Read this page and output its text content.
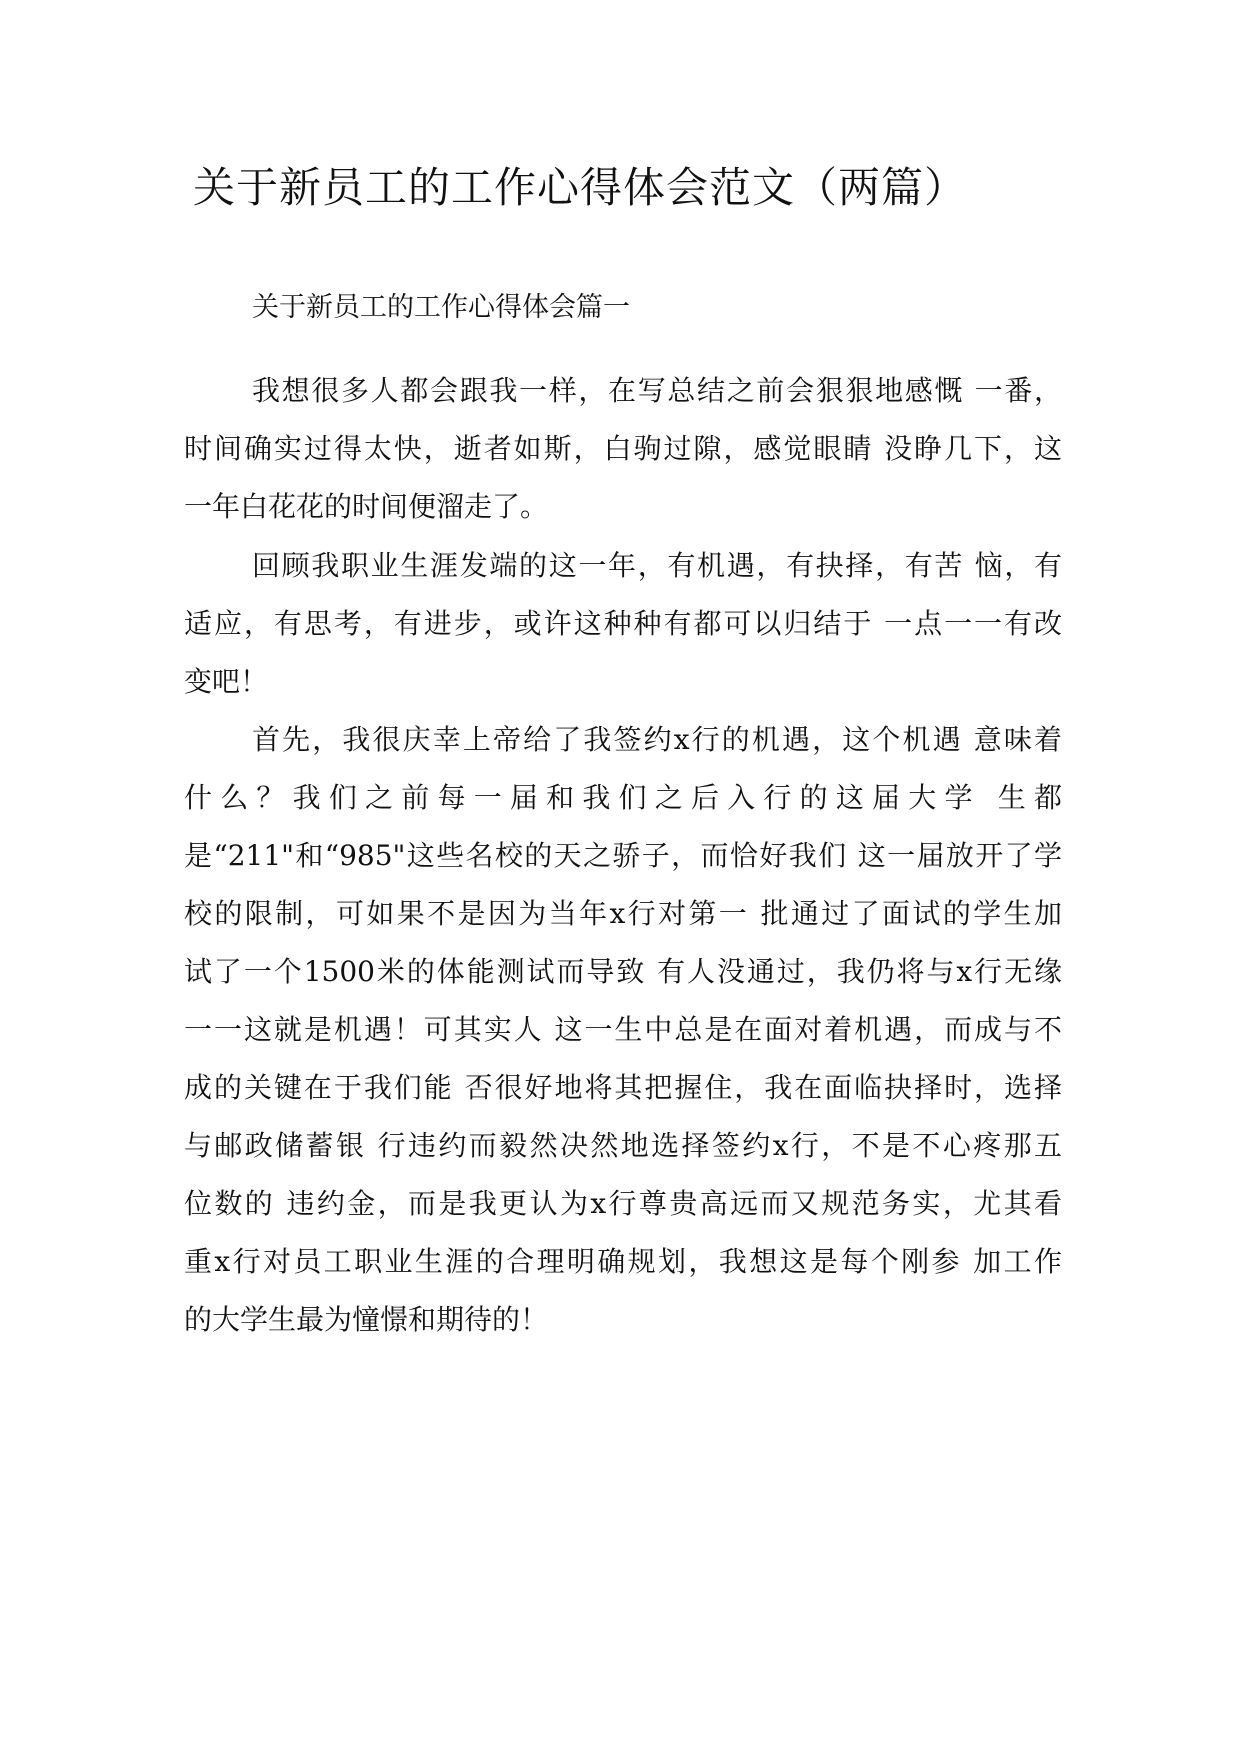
关于新员工的工作心得体会范文（两篇）

关于新员工的工作心得体会篇一

我想很多人都会跟我一样，在写总结之前会狠狠地感慨 一番，

时间确实过得太快，逝者如斯，白驹过隙，感觉眼睛 没睁几下，这

一年白花花的时间便溜走了。

回顾我职业生涯发端的这一年，有机遇，有抉择，有苦 恼，有

适应，有思考，有进步，或许这种种有都可以归结于 一点一一有改

变吧！

首先，我很庆幸上帝给了我签约x行的机遇，这个机遇 意味着

什么？我们之前每一届和我们之后入行的这届大学 生都

是“211"和“985"这些名校的天之骄子，而恰好我们 这一届放开了学

校的限制，可如果不是因为当年x行对第一 批通过了面试的学生加

试了一个1500米的体能测试而导致 有人没通过，我仍将与x行无缘

一一这就是机遇！可其实人 这一生中总是在面对着机遇，而成与不

成的关键在于我们能 否很好地将其把握住，我在面临抉择时，选择

与邮政储蓄银 行违约而毅然决然地选择签约x行，不是不心疼那五

位数的 违约金，而是我更认为x行尊贵高远而又规范务实，尤其看

重x行对员工职业生涯的合理明确规划，我想这是每个刚参 加工作

的大学生最为憧憬和期待的！
